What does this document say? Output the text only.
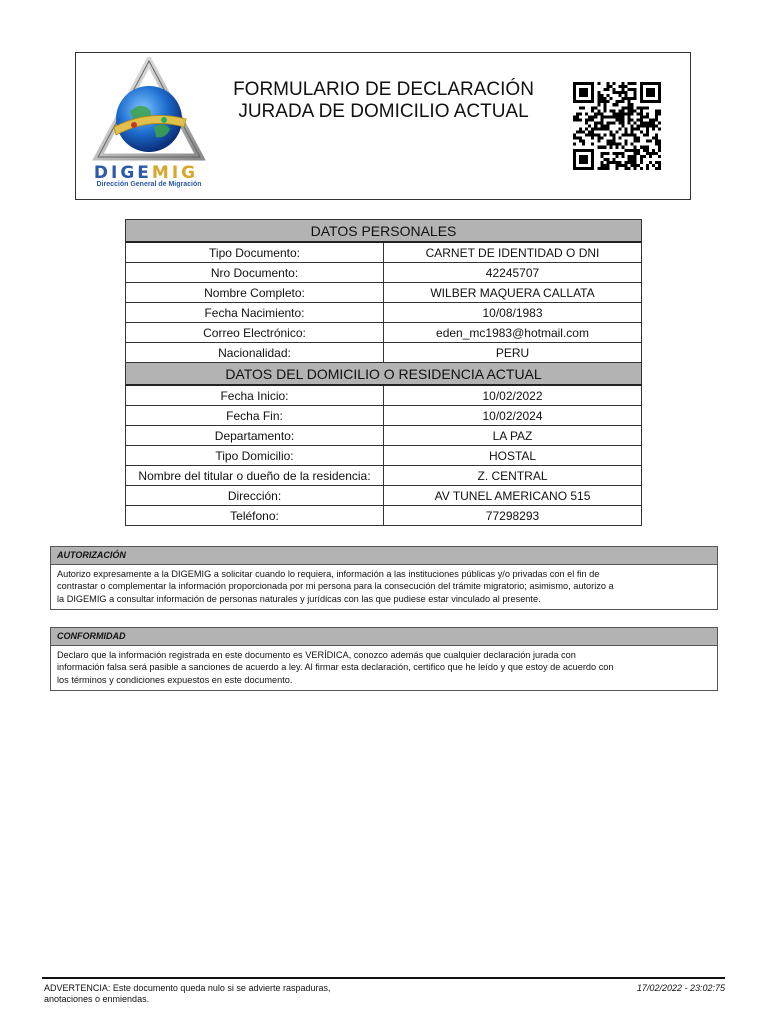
DIGEMIG
Dirección General de Migración
FORMULARIO DE DECLARACIÓN
JURADA DE DOMICILIO ACTUAL
DATOS PERSONALES	
Tipo Documento:	CARNET DE IDENTIDAD O DNI
Nro Documento:	42245707
Nombre Completo:	WILBER MAQUERA CALLATA
Fecha Nacimiento:	10/08/1983
Correo Electrónico:	eden_mc1983@hotmail.com
Nacionalidad:	PERU
DATOS DEL DOMICILIO O RESIDENCIA ACTUAL	
Fecha Inicio:	10/02/2022
Fecha Fin:	10/02/2024
Departamento:	LA PAZ
Tipo Domicilio:	HOSTAL
Nombre del titular o dueño de la residencia:	Z. CENTRAL
Dirección:	AV TUNEL AMERICANO 515
Teléfono:	77298293
AUTORIZACIÓN
Autorizo expresamente a la DIGEMIG a solicitar cuando lo requiera, información a las instituciones públicas y/o privadas con el fin de
contrastar o complementar la información proporcionada por mi persona para la consecución del trámite migratorio; asimismo, autorizo a
la DIGEMIG a consultar información de personas naturales y jurídicas con las que pudiese estar vinculado al presente.
CONFORMIDAD
Declaro que la información registrada en este documento es VERÍDICA, conozco además que cualquier declaración jurada con
información falsa será pasible a sanciones de acuerdo a ley. Al firmar esta declaración, certifico que he leído y que estoy de acuerdo con
los términos y condiciones expuestos en este documento.
ADVERTENCIA: Este documento queda nulo si se advierte raspaduras,
anotaciones o enmiendas.
17/02/2022 - 23:02:75
